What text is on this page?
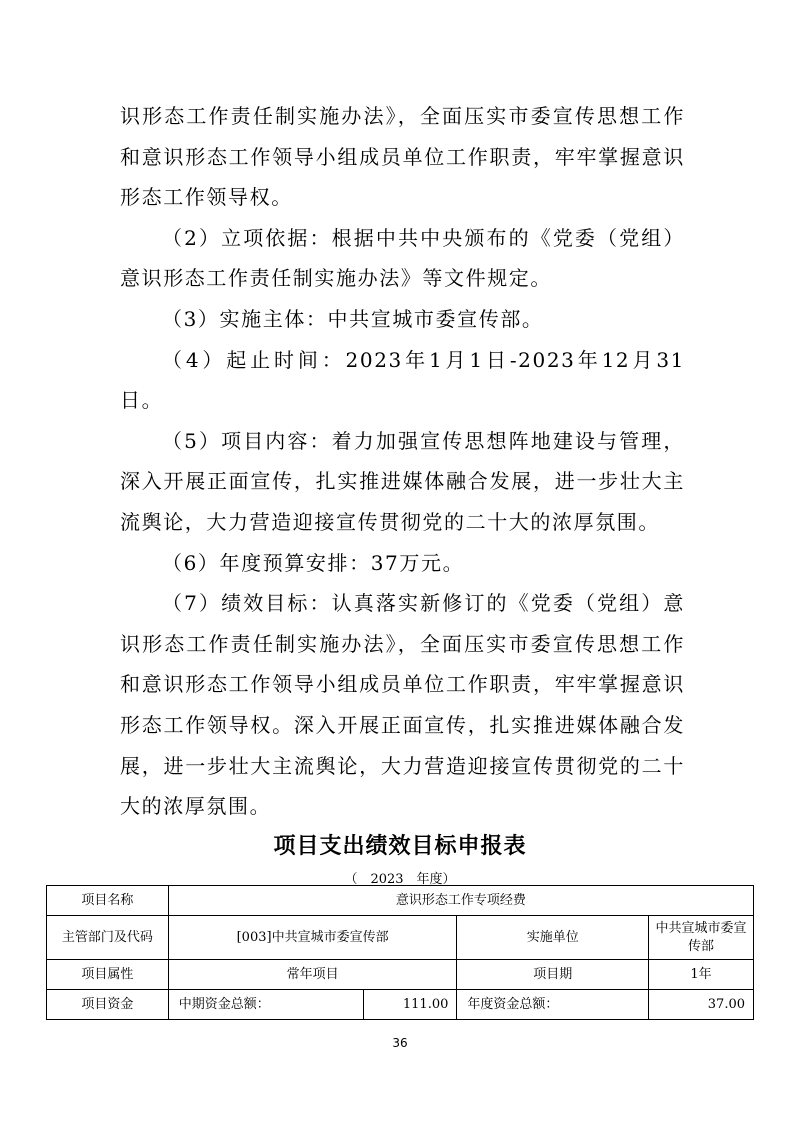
识形态工作责任制实施办法》，全面压实市委宣传思想工作和意识形态工作领导小组成员单位工作职责，牢牢掌握意识形态工作领导权。

（2）立项依据：根据中共中央颁布的《党委（党组）意识形态工作责任制实施办法》等文件规定。

（3）实施主体：中共宣城市委宣传部。

（4）起止时间：2023年1月1日-2023年12月31日。

（5）项目内容：着力加强宣传思想阵地建设与管理，深入开展正面宣传，扎实推进媒体融合发展，进一步壮大主流舆论，大力营造迎接宣传贯彻党的二十大的浓厚氛围。

（6）年度预算安排：37万元。

（7）绩效目标：认真落实新修订的《党委（党组）意识形态工作责任制实施办法》，全面压实市委宣传思想工作和意识形态工作领导小组成员单位工作职责，牢牢掌握意识形态工作领导权。深入开展正面宣传，扎实推进媒体融合发展，进一步壮大主流舆论，大力营造迎接宣传贯彻党的二十大的浓厚氛围。

项目支出绩效目标申报表
（　2023　年度）
项目名称	意识形态工作专项经费			
主管部门及代码	[003]中共宣城市委宣传部		实施单位	中共宣城市委宣传部
项目属性	常年项目		项目期	1年
项目资金	中期资金总额：	111.00	年度资金总额：	37.00
36
